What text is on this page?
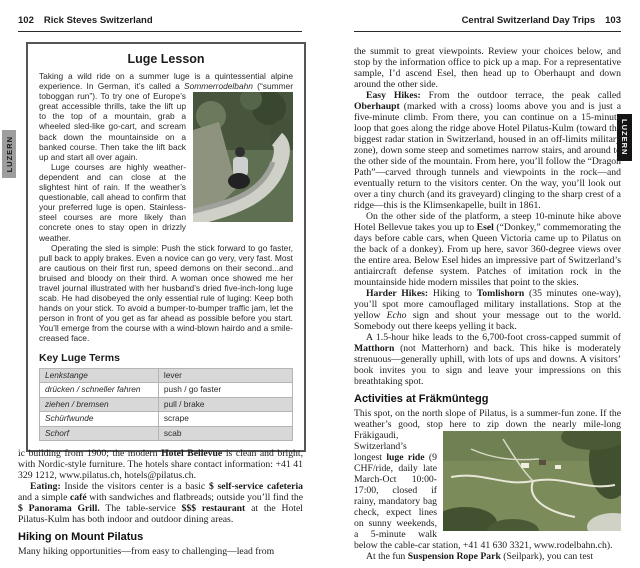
102 Rick Steves Switzerland	Central Switzerland Day Trips 103
LUZERN	LUZERN
Luge Lesson

Taking a wild ride on a summer luge is a quintessential alpine experience. In German, it’s called a Sommerrodelbahn (“summer toboggan run”). To try one of Europe’s great accessible thrills, take the lift up to the top of a mountain, grab a wheeled sled-like go-cart, and scream back down the mountainside on a banked course. Then take the lift back up and start all over again.

Luge courses are highly weather-dependent and can close at the slightest hint of rain. If the weather’s questionable, call ahead to confirm that your preferred luge is open. Stainless-steel courses are more likely than concrete ones to stay open in drizzly weather.

Operating the sled is simple: Push the stick forward to go faster, pull back to apply brakes. Even a novice can go very, very fast. Most are cautious on their first run, speed demons on their second...and bruised and bloody on their third. A woman once showed me her travel journal illustrated with her husband’s dried five-inch-long luge scab. He had disobeyed the only essential rule of luging: Keep both hands on your stick. To avoid a bumper-to-bumper traffic jam, let the person in front of you get as far ahead as possible before you start. You’ll emerge from the course with a wind-blown hairdo and a smile-creased face.

Key Luge Terms
Lenkstange	lever
drücken / schneller fahren	push / go faster
ziehen / bremsen	pull / brake
Schürfwunde	scrape
Schorf	scab

ic building from 1900; the modern Hotel Bellevue is clean and bright, with Nordic-style furniture. The hotels share contact information: +41 41 329 1212, www.pilatus.ch, hotels@pilatus.ch.

Eating: Inside the visitors center is a basic $ self-service cafeteria and a simple café with sandwiches and flatbreads; outside you’ll find the $ Panorama Grill. The table-service $$$ restaurant at the Hotel Pilatus-Kulm has both indoor and outdoor dining areas.

Hiking on Mount Pilatus

Many hiking opportunities—from easy to challenging—lead from

the summit to great viewpoints. Review your choices below, and stop by the information office to pick up a map. For a representative sample, I’d ascend Esel, then head up to Oberhaupt and down around the other side.

Easy Hikes: From the outdoor terrace, the peak called Oberhaupt (marked with a cross) looms above you and is just a five-minute climb. From there, you can continue on a 15-minute loop that goes along the ridge above Hotel Pilatus-Kulm (toward the biggest radar station in Switzerland, housed in an off-limits military zone), down some steep and sometimes narrow stairs, and around to the other side of the mountain. From here, you’ll follow the “Dragon Path”—carved through tunnels and viewpoints in the rock—and eventually return to the visitors center. On the way, you’ll look out over a tiny church (and its graveyard) clinging to the sharp crest of a ridge—this is the Klimsenkapelle, built in 1861.

On the other side of the platform, a steep 10-minute hike above Hotel Bellevue takes you up to Esel (“Donkey,” commemorating the days before cable cars, when Queen Victoria came up to Pilatus on the back of a donkey). From up here, savor 360-degree views over the entire area. Below Esel hides an impressive part of Switzerland’s antiaircraft defense system. Patches of imitation rock in the mountainside hide modern missiles that point to the skies.

Harder Hikes: Hiking to Tomlishorn (35 minutes one-way), you’ll spot more camouflaged military installations. Stop at the yellow Echo sign and shout your message out to the world. Somebody out there keeps yelling it back.

A 1.5-hour hike leads to the 6,700-foot cross-capped summit of Matthorn (not Matterhorn) and back. This hike is moderately strenuous—generally uphill, with lots of ups and downs. A visitors’ book invites you to sign and leave your impressions on this breathtaking spot.

Activities at Fräkmüntegg

This spot, on the north slope of Pilatus, is a summer-fun zone. If the weather’s good, stop here to zip down the nearly mile-long Fräkigaudi, Switzerland’s longest luge ride (9 CHF/ride, daily late March-Oct 10:00-17:00, closed if rainy, mandatory bag check, expect lines on sunny weekends, a 5-minute walk below the cable-car station, +41 41 630 3321, www.rodelbahn.ch).

At the fun Suspension Rope Park (Seilpark), you can test
